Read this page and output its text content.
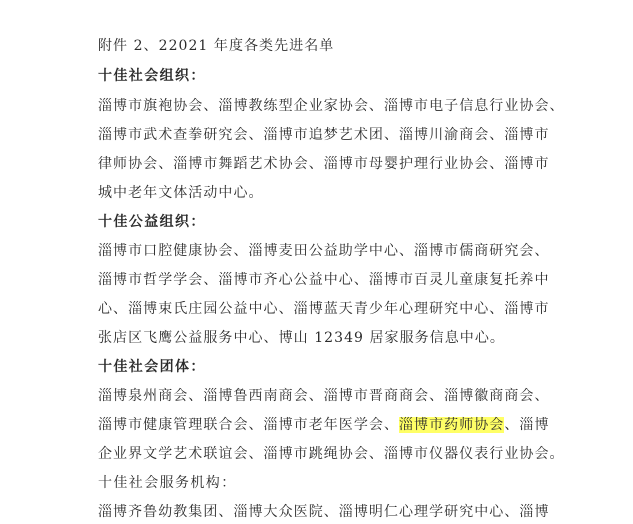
附件 2、22021 年度各类先进名单
十佳社会组织：
淄博市旗袍协会、淄博教练型企业家协会、淄博市电子信息行业协会、
淄博市武术查拳研究会、淄博市追梦艺术团、淄博川渝商会、淄博市
律师协会、淄博市舞蹈艺术协会、淄博市母婴护理行业协会、淄博市
城中老年文体活动中心。
十佳公益组织：
淄博市口腔健康协会、淄博麦田公益助学中心、淄博市儒商研究会、
淄博市哲学学会、淄博市齐心公益中心、淄博市百灵儿童康复托养中
心、淄博束氏庄园公益中心、淄博蓝天青少年心理研究中心、淄博市
张店区飞鹰公益服务中心、博山 12349 居家服务信息中心。
十佳社会团体：
淄博泉州商会、淄博鲁西南商会、淄博市晋商商会、淄博徽商商会、
淄博市健康管理联合会、淄博市老年医学会、淄博市药师协会、淄博
企业界文学艺术联谊会、淄博市跳绳协会、淄博市仪器仪表行业协会。
十佳社会服务机构：
淄博齐鲁幼教集团、淄博大众医院、淄博明仁心理学研究中心、淄博
